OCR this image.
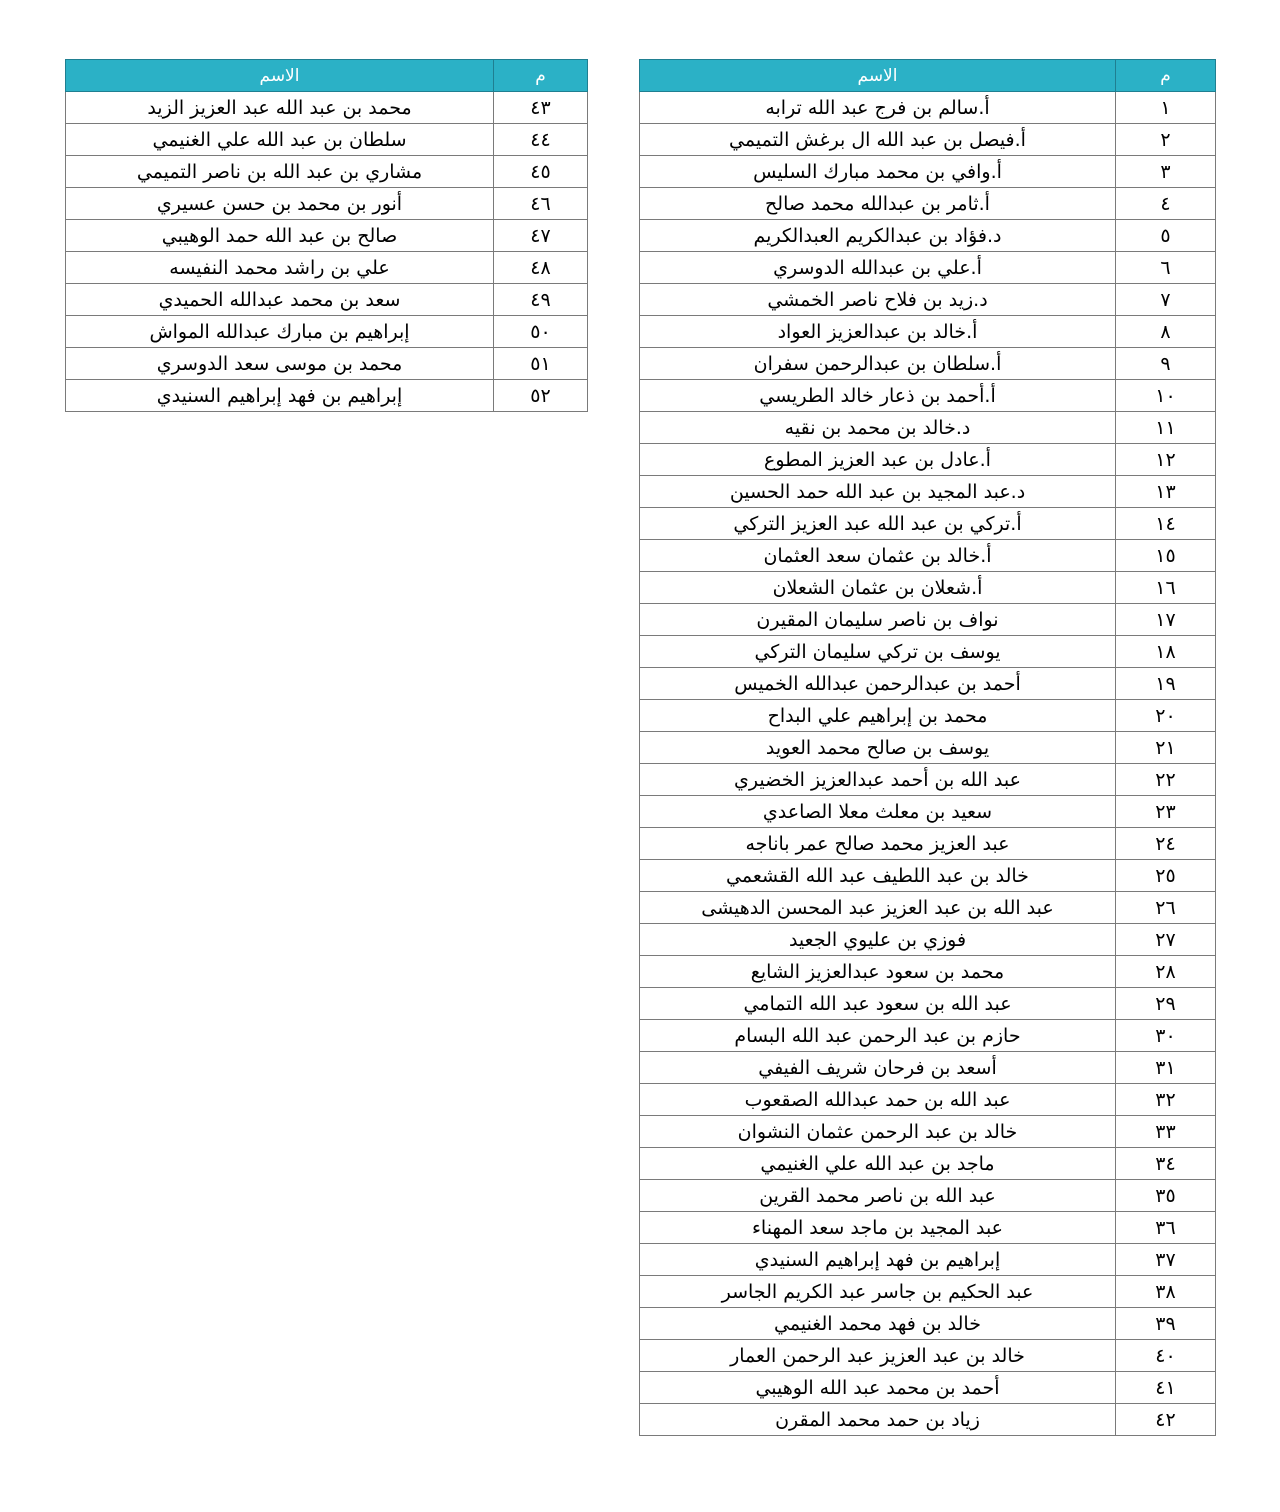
م	الاسم
١	أ.سالم بن فرج عبد الله ترابه
٢	أ.فيصل بن عبد الله ال برغش التميمي
٣	أ.وافي بن محمد مبارك السليس
٤	أ.ثامر بن عبدالله محمد صالح
٥	د.فؤاد بن عبدالكريم العبدالكريم
٦	أ.علي بن عبدالله الدوسري
٧	د.زيد بن فلاح ناصر الخمشي
٨	أ.خالد بن عبدالعزيز العواد
٩	أ.سلطان بن عبدالرحمن سفران
١٠	أ.أحمد بن ذعار خالد الطريسي
١١	د.خالد بن محمد بن نقيه
١٢	أ.عادل بن عبد العزيز المطوع
١٣	د.عبد المجيد بن عبد الله حمد الحسين
١٤	أ.تركي بن عبد الله عبد العزيز التركي
١٥	أ.خالد بن عثمان سعد العثمان
١٦	أ.شعلان بن عثمان الشعلان
١٧	نواف بن ناصر سليمان المقيرن
١٨	يوسف بن تركي سليمان التركي
١٩	أحمد بن عبدالرحمن عبدالله الخميس
٢٠	محمد بن إبراهيم علي البداح
٢١	يوسف بن صالح محمد العويد
٢٢	عبد الله بن أحمد عبدالعزيز الخضيري
٢٣	سعيد بن معلث معلا الصاعدي
٢٤	عبد العزيز محمد صالح عمر باناجه
٢٥	خالد بن عبد اللطيف عبد الله القشعمي
٢٦	عبد الله بن عبد العزيز عبد المحسن الدهيشى
٢٧	فوزي بن عليوي الجعيد
٢٨	محمد بن سعود عبدالعزيز الشايع
٢٩	عبد الله بن سعود عبد الله التمامي
٣٠	حازم بن عبد الرحمن عبد الله البسام
٣١	أسعد بن فرحان شريف الفيفي
٣٢	عبد الله بن حمد عبدالله الصقعوب
٣٣	خالد بن عبد الرحمن عثمان النشوان
٣٤	ماجد بن عبد الله علي الغنيمي
٣٥	عبد الله بن ناصر محمد القرين
٣٦	عبد المجيد بن ماجد سعد المهناء
٣٧	إبراهيم بن فهد إبراهيم السنيدي
٣٨	عبد الحكيم بن جاسر عبد الكريم الجاسر
٣٩	خالد بن فهد محمد الغنيمي
٤٠	خالد بن عبد العزيز عبد الرحمن العمار
٤١	أحمد بن محمد عبد الله الوهيبي
٤٢	زياد بن حمد محمد المقرن
م	الاسم
٤٣	محمد بن عبد الله عبد العزيز الزيد
٤٤	سلطان بن عبد الله علي الغنيمي
٤٥	مشاري بن عبد الله بن ناصر التميمي
٤٦	أنور بن محمد بن حسن عسيري
٤٧	صالح بن عبد الله حمد الوهيبي
٤٨	علي بن راشد محمد النفيسه
٤٩	سعد بن محمد عبدالله الحميدي
٥٠	إبراهيم بن مبارك عبدالله المواش
٥١	محمد بن موسى سعد الدوسري
٥٢	إبراهيم بن فهد إبراهيم السنيدي
